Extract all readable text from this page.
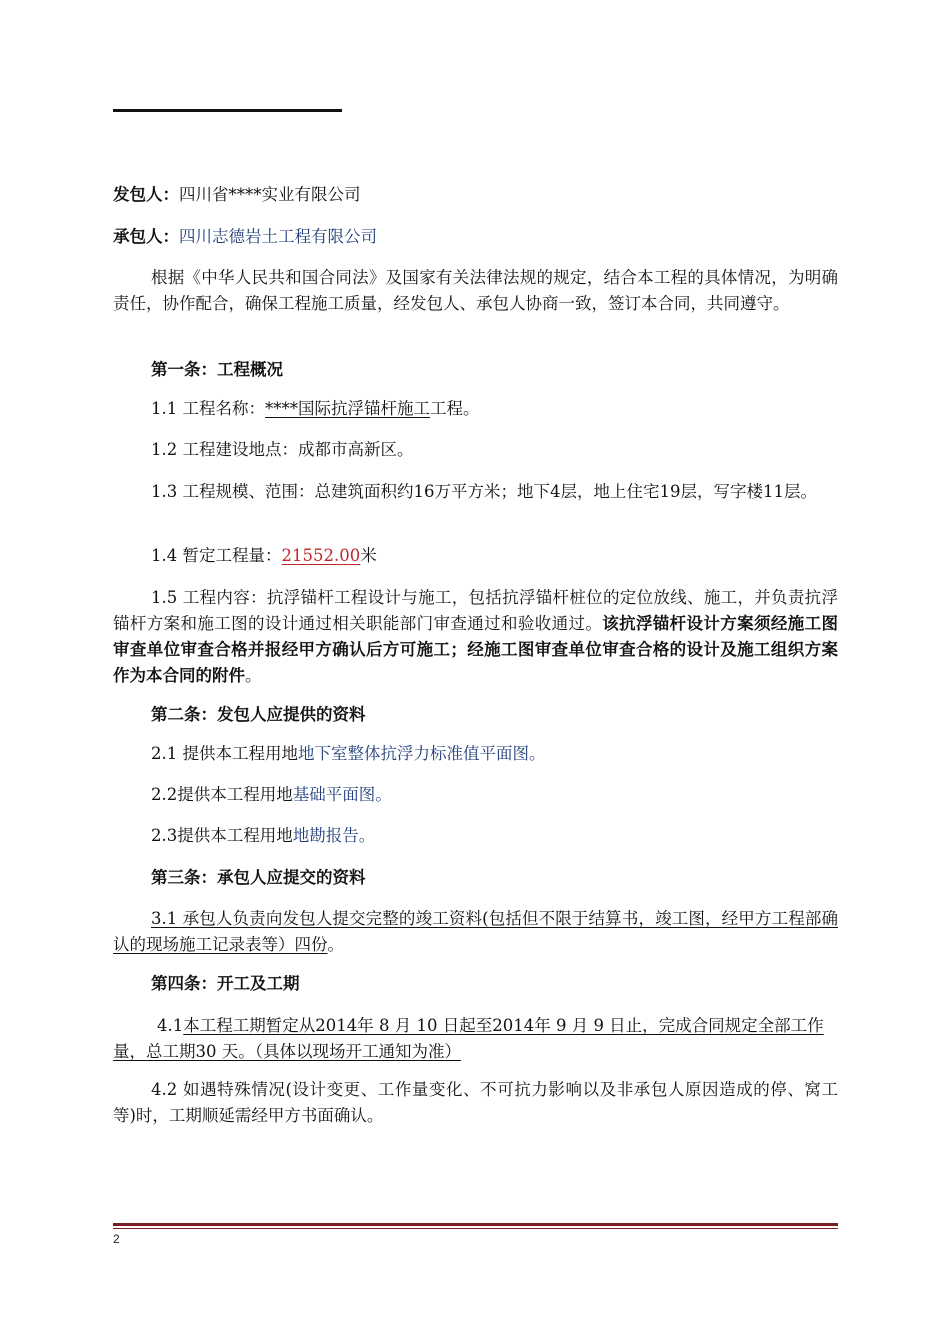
发包人：四川省****实业有限公司

承包人：四川志德岩土工程有限公司

根据《中华人民共和国合同法》及国家有关法律法规的规定，结合本工程的具体情况，为明确责任，协作配合，确保工程施工质量，经发包人、承包人协商一致，签订本合同，共同遵守。

第一条：工程概况

1.1 工程名称：****国际抗浮锚杆施工工程。

1.2 工程建设地点：成都市高新区。

1.3 工程规模、范围：总建筑面积约16万平方米；地下4层，地上住宅19层，写字楼11层。

1.4 暂定工程量：21552.00米

1.5 工程内容：抗浮锚杆工程设计与施工，包括抗浮锚杆桩位的定位放线、施工，并负责抗浮锚杆方案和施工图的设计通过相关职能部门审查通过和验收通过。该抗浮锚杆设计方案须经施工图审查单位审查合格并报经甲方确认后方可施工；经施工图审查单位审查合格的设计及施工组织方案作为本合同的附件。

第二条：发包人应提供的资料

2.1 提供本工程用地地下室整体抗浮力标准值平面图。

2.2提供本工程用地基础平面图。

2.3提供本工程用地地勘报告。

第三条：承包人应提交的资料

3.1 承包人负责向发包人提交完整的竣工资料(包括但不限于结算书，竣工图，经甲方工程部确认的现场施工记录表等）四份。

第四条：开工及工期

4.1本工程工期暂定从2014年 8 月 10 日起至2014年 9 月 9 日止，完成合同规定全部工作量，总工期30 天。（具体以现场开工通知为准）

4.2 如遇特殊情况(设计变更、工作量变化、不可抗力影响以及非承包人原因造成的停、窝工等)时，工期顺延需经甲方书面确认。

2
